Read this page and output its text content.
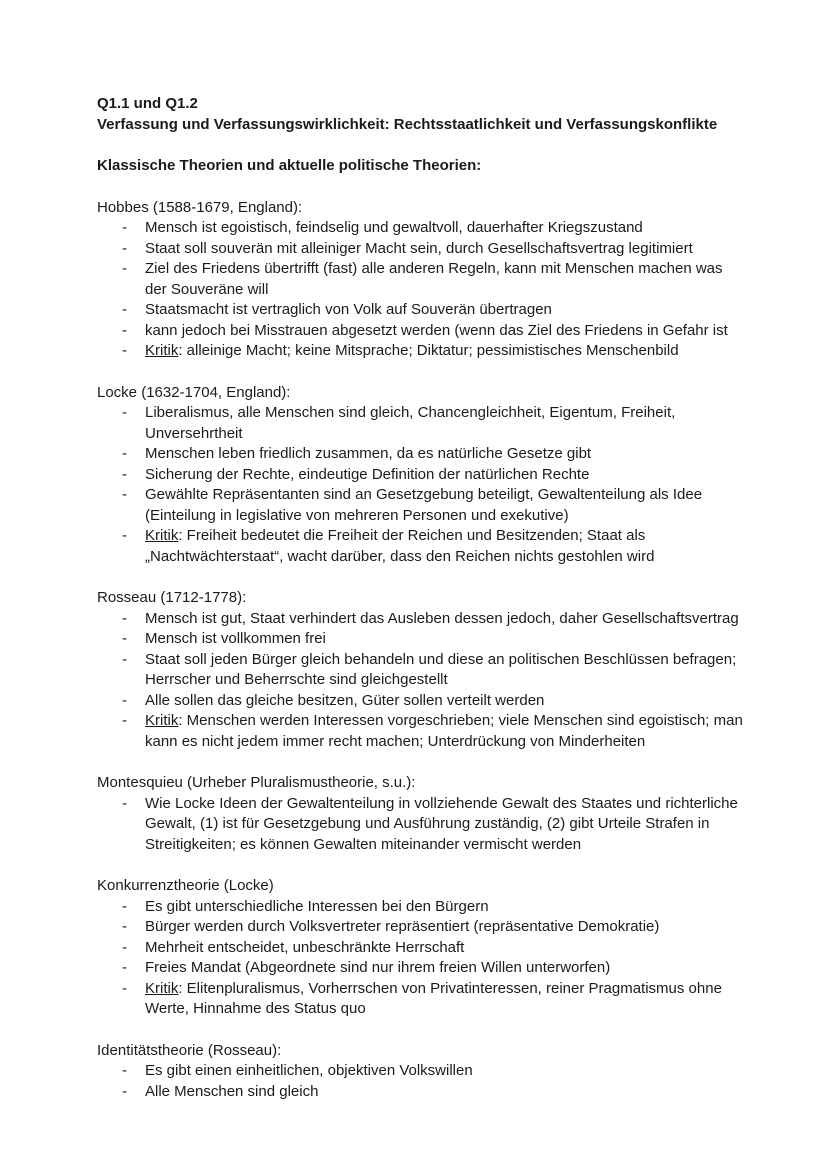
Q1.1 und Q1.2

Verfassung und Verfassungswirklichkeit: Rechtsstaatlichkeit und Verfassungskonflikte

Klassische Theorien und aktuelle politische Theorien:

Hobbes (1588-1679, England):

- Mensch ist egoistisch, feindselig und gewaltvoll, dauerhafter Kriegszustand
- Staat soll souverän mit alleiniger Macht sein, durch Gesellschaftsvertrag legitimiert
- Ziel des Friedens übertrifft (fast) alle anderen Regeln, kann mit Menschen machen was der Souveräne will
- Staatsmacht ist vertraglich von Volk auf Souverän übertragen
- kann jedoch bei Misstrauen abgesetzt werden (wenn das Ziel des Friedens in Gefahr ist
- Kritik: alleinige Macht; keine Mitsprache; Diktatur; pessimistisches Menschenbild

Locke (1632-1704, England):

- Liberalismus, alle Menschen sind gleich, Chancengleichheit, Eigentum, Freiheit, Unversehrtheit
- Menschen leben friedlich zusammen, da es natürliche Gesetze gibt
- Sicherung der Rechte, eindeutige Definition der natürlichen Rechte
- Gewählte Repräsentanten sind an Gesetzgebung beteiligt, Gewaltenteilung als Idee (Einteilung in legislative von mehreren Personen und exekutive)
- Kritik: Freiheit bedeutet die Freiheit der Reichen und Besitzenden; Staat als „Nachtwächterstaat“, wacht darüber, dass den Reichen nichts gestohlen wird

Rosseau (1712-1778):

- Mensch ist gut, Staat verhindert das Ausleben dessen jedoch, daher Gesellschaftsvertrag
- Mensch ist vollkommen frei
- Staat soll jeden Bürger gleich behandeln und diese an politischen Beschlüssen befragen; Herrscher und Beherrschte sind gleichgestellt
- Alle sollen das gleiche besitzen, Güter sollen verteilt werden
- Kritik: Menschen werden Interessen vorgeschrieben; viele Menschen sind egoistisch; man kann es nicht jedem immer recht machen; Unterdrückung von Minderheiten

Montesquieu (Urheber Pluralismustheorie, s.u.):

- Wie Locke Ideen der Gewaltenteilung in vollziehende Gewalt des Staates und richterliche Gewalt, (1) ist für Gesetzgebung und Ausführung zuständig, (2) gibt Urteile Strafen in Streitigkeiten; es können Gewalten miteinander vermischt werden

Konkurrenztheorie (Locke)

- Es gibt unterschiedliche Interessen bei den Bürgern
- Bürger werden durch Volksvertreter repräsentiert (repräsentative Demokratie)
- Mehrheit entscheidet, unbeschränkte Herrschaft
- Freies Mandat (Abgeordnete sind nur ihrem freien Willen unterworfen)
- Kritik: Elitenpluralismus, Vorherrschen von Privatinteressen, reiner Pragmatismus ohne Werte, Hinnahme des Status quo

Identitätstheorie (Rosseau):

- Es gibt einen einheitlichen, objektiven Volkswillen
- Alle Menschen sind gleich
